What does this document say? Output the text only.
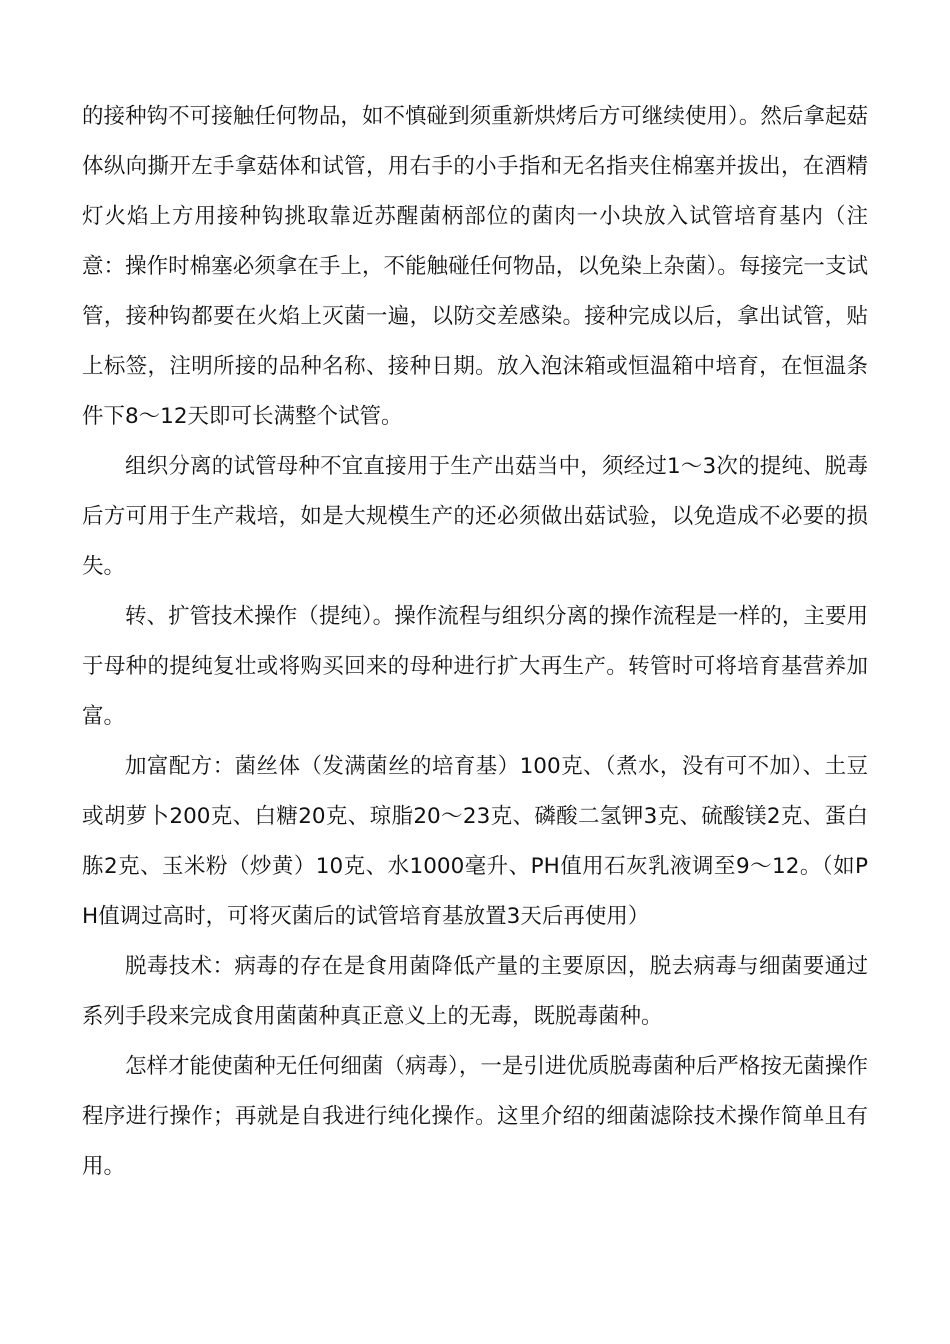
的接种钩不可接触任何物品，如不慎碰到须重新烘烤后方可继续使用）。然后拿起菇体纵向撕开左手拿菇体和试管，用右手的小手指和无名指夹住棉塞并拔出，在酒精灯火焰上方用接种钩挑取靠近苏醒菌柄部位的菌肉一小块放入试管培育基内（注意：操作时棉塞必须拿在手上，不能触碰任何物品，以免染上杂菌）。每接完一支试管，接种钩都要在火焰上灭菌一遍，以防交差感染。接种完成以后，拿出试管，贴上标签，注明所接的品种名称、接种日期。放入泡沫箱或恒温箱中培育，在恒温条件下8～12天即可长满整个试管。

组织分离的试管母种不宜直接用于生产出菇当中，须经过1～3次的提纯、脱毒后方可用于生产栽培，如是大规模生产的还必须做出菇试验，以免造成不必要的损失。

转、扩管技术操作（提纯）。操作流程与组织分离的操作流程是一样的，主要用于母种的提纯复壮或将购买回来的母种进行扩大再生产。转管时可将培育基营养加富。

加富配方：菌丝体（发满菌丝的培育基）100克、（煮水，没有可不加）、土豆或胡萝卜200克、白糖20克、琼脂20～23克、磷酸二氢钾3克、硫酸镁2克、蛋白胨2克、玉米粉（炒黄）10克、水1000毫升、PH值用石灰乳液调至9～12。（如PH值调过高时，可将灭菌后的试管培育基放置3天后再使用）

脱毒技术：病毒的存在是食用菌降低产量的主要原因，脱去病毒与细菌要通过系列手段来完成食用菌菌种真正意义上的无毒，既脱毒菌种。

怎样才能使菌种无任何细菌（病毒），一是引进优质脱毒菌种后严格按无菌操作程序进行操作；再就是自我进行纯化操作。这里介绍的细菌滤除技术操作简单且有用。
